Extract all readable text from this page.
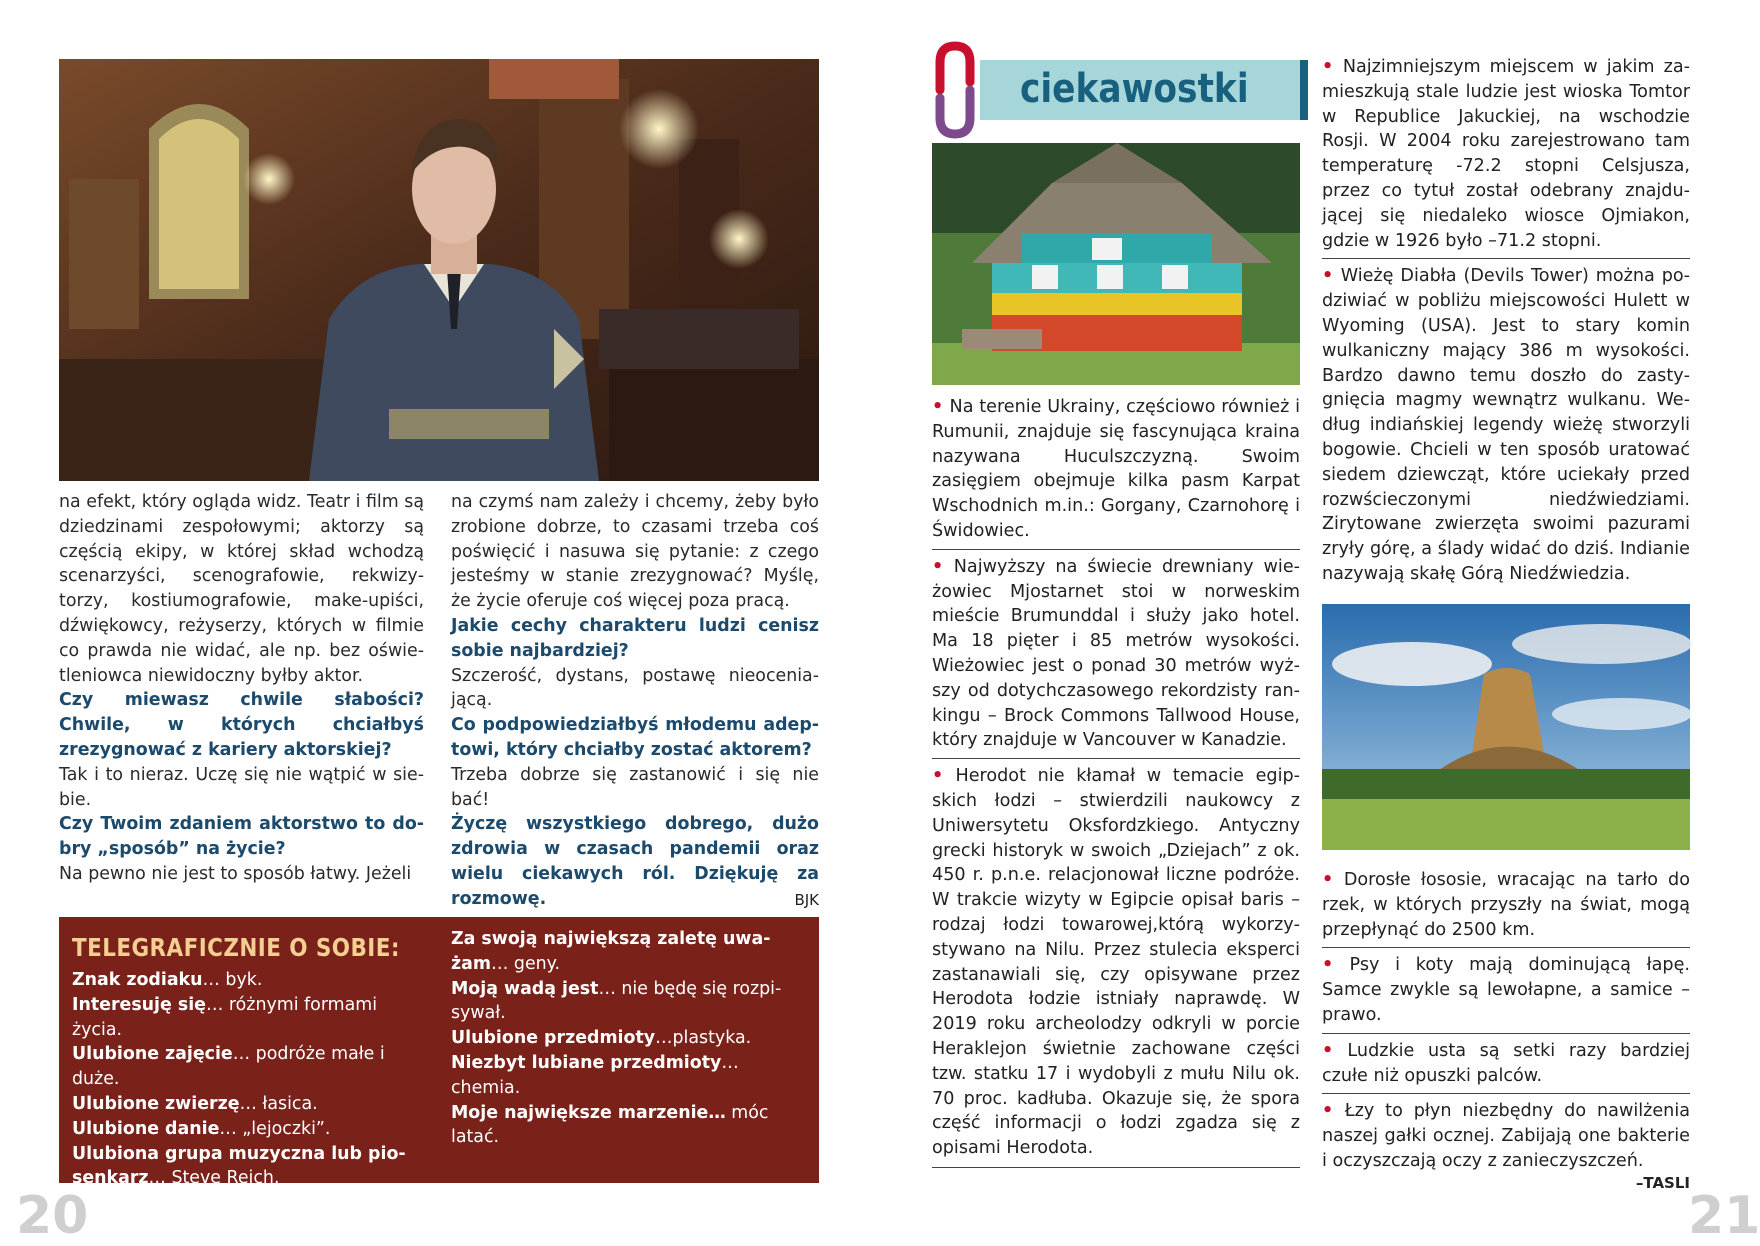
na efekt, który ogląda widz. Teatr i film są dziedzinami zespołowymi; aktorzy są częścią ekipy, w której skład wchodzą scenarzyści, scenografowie, rekwizytorzy, kostiumografowie, make-upiści, dźwiękowcy, reżyserzy, których w filmie co prawda nie widać, ale np. bez oświetleniowca niewidoczny byłby aktor.

Czy miewasz chwile słabości? Chwile, w których chciałbyś zrezygnować z kariery aktorskiej?

Tak i to nieraz. Uczę się nie wątpić w siebie.

Czy Twoim zdaniem aktorstwo to dobry „sposób” na życie?

Na pewno nie jest to sposób łatwy. Jeżeli

na czymś nam zależy i chcemy, żeby było zrobione dobrze, to czasami trzeba coś poświęcić i nasuwa się pytanie: z czego jesteśmy w stanie zrezygnować? Myślę, że życie oferuje coś więcej poza pracą.

Jakie cechy charakteru ludzi cenisz sobie najbardziej?

Szczerość, dystans, postawę nieoceniającą.

Co podpowiedziałbyś młodemu adeptowi, który chciałby zostać aktorem?

Trzeba dobrze się zastanowić i się nie bać!

Życzę wszystkiego dobrego, dużo zdrowia w czasach pandemii oraz wielu ciekawych ról. Dziękuję za rozmowę.	BJK
TELEGRAFICZNIE O SOBIE:
Znak zodiaku… byk.
Interesuję się… różnymi formami życia.
Ulubione zajęcie… podróże małe i duże.
Ulubione zwierzę… łasica.
Ulubione danie… „lejoczki”.
Ulubiona grupa muzyczna lub piosenkarz… Steve Reich.
Za swoją największą zaletę uważam… geny.
Moją wadą jest… nie będę się rozpisywał.
Ulubione przedmioty…plastyka.
Niezbyt lubiane przedmioty… chemia.
Moje największe marzenie… móc latać.
20
ciekawostki
• Na terenie Ukrainy, częściowo również i Rumunii, znajduje się fascynująca kraina nazywana Huculszczyzną. Swoim zasięgiem obejmuje kilka pasm Karpat Wschodnich m.in.: Gorgany, Czarnohorę i Świdowiec.
• Najwyższy na świecie drewniany wieżowiec Mjostarnet stoi w norweskim mieście Brumunddal i służy jako hotel. Ma 18 pięter i 85 metrów wysokości. Wieżowiec jest o ponad 30 metrów wyższy od dotychczasowego rekordzisty rankingu – Brock Commons Tallwood House, który znajduje w Vancouver w Kanadzie.
• Herodot nie kłamał w temacie egipskich łodzi – stwierdzili naukowcy z Uniwersytetu Oksfordzkiego. Antyczny grecki historyk w swoich „Dziejach” z ok. 450 r. p.n.e. relacjonował liczne podróże. W trakcie wizyty w Egipcie opisał baris – rodzaj łodzi towarowej,którą wykorzystywano na Nilu. Przez stulecia eksperci zastanawiali się, czy opisywane przez Herodota łodzie istniały naprawdę. W 2019 roku archeolodzy odkryli w porcie Heraklejon świetnie zachowane części tzw. statku 17 i wydobyli z mułu Nilu ok. 70 proc. kadłuba. Okazuje się, że spora część informacji o łodzi zgadza się z opisami Herodota.
• Najzimniejszym miejscem w jakim zamieszkują stale ludzie jest wioska Tomtor w Republice Jakuckiej, na wschodzie Rosji. W 2004 roku zarejestrowano tam temperaturę -72.2 stopni Celsjusza, przez co tytuł został odebrany znajdującej się niedaleko wiosce Ojmiakon, gdzie w 1926 było –71.2 stopni.
• Wieżę Diabła (Devils Tower) można podziwiać w pobliżu miejscowości Hulett w Wyoming (USA). Jest to stary komin wulkaniczny mający 386 m wysokości. Bardzo dawno temu doszło do zastygnięcia magmy wewnątrz wulkanu. Według indiańskiej legendy wieżę stworzyli bogowie. Chcieli w ten sposób uratować siedem dziewcząt, które uciekały przed rozwścieczonymi niedźwiedziami. Zirytowane zwierzęta swoimi pazurami zryły górę, a ślady widać do dziś. Indianie nazywają skałę Górą Niedźwiedzia.
• Dorosłe łososie, wracając na tarło do rzek, w których przyszły na świat, mogą przepłynąć do 2500 km.
• Psy i koty mają dominującą łapę. Samce zwykle są lewołapne, a samice – prawo.
• Ludzkie usta są setki razy bardziej czułe niż opuszki palców.
• Łzy to płyn niezbędny do nawilżenia naszej gałki ocznej. Zabijają one bakterie i oczyszczają oczy z zanieczyszczeń.
–TASLI
21
